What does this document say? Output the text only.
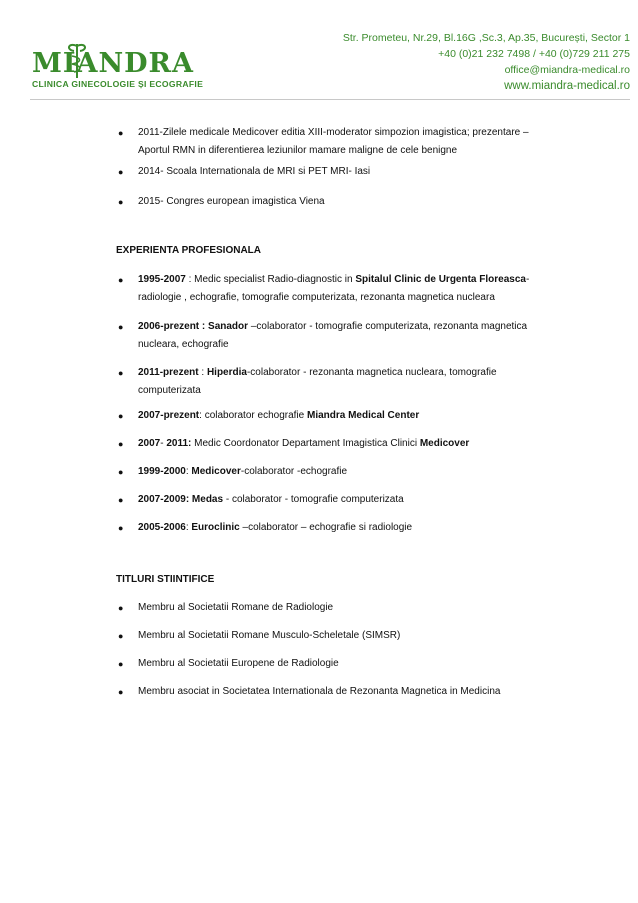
MIANDRA
CLINICA GINECOLOGIE ȘI ECOGRAFIE
Str. Prometeu, Nr.29, Bl.16G ,Sc.3, Ap.35, București, Sector 1
+40 (0)21 232 7498 / +40 (0)729 211 275
office@miandra-medical.ro
www.miandra-medical.ro
● 2011-Zilele medicale Medicover editia XIII-moderator simpozion imagistica; prezentare –
Aportul RMN in diferentierea leziunilor mamare maligne de cele benigne
● 2014- Scoala Internationala de MRI si PET MRI- Iasi
● 2015- Congres european imagistica Viena
EXPERIENTA PROFESIONALA
● 1995-2007 : Medic specialist Radio-diagnostic in Spitalul Clinic de Urgenta Floreasca-
radiologie , echografie, tomografie computerizata, rezonanta magnetica nucleara
● 2006-prezent : Sanador –colaborator - tomografie computerizata, rezonanta magnetica
nucleara, echografie
● 2011-prezent : Hiperdia-colaborator - rezonanta magnetica nucleara, tomografie
computerizata
● 2007-prezent: colaborator echografie Miandra Medical Center
● 2007- 2011: Medic Coordonator Departament Imagistica Clinici Medicover
● 1999-2000: Medicover-colaborator -echografie
● 2007-2009: Medas - colaborator - tomografie computerizata
● 2005-2006: Euroclinic –colaborator – echografie si radiologie
TITLURI STIINTIFICE
● Membru al Societatii Romane de Radiologie
● Membru al Societatii Romane Musculo-Scheletale (SIMSR)
● Membru al Societatii Europene de Radiologie
● Membru asociat in Societatea Internationala de Rezonanta Magnetica in Medicina
